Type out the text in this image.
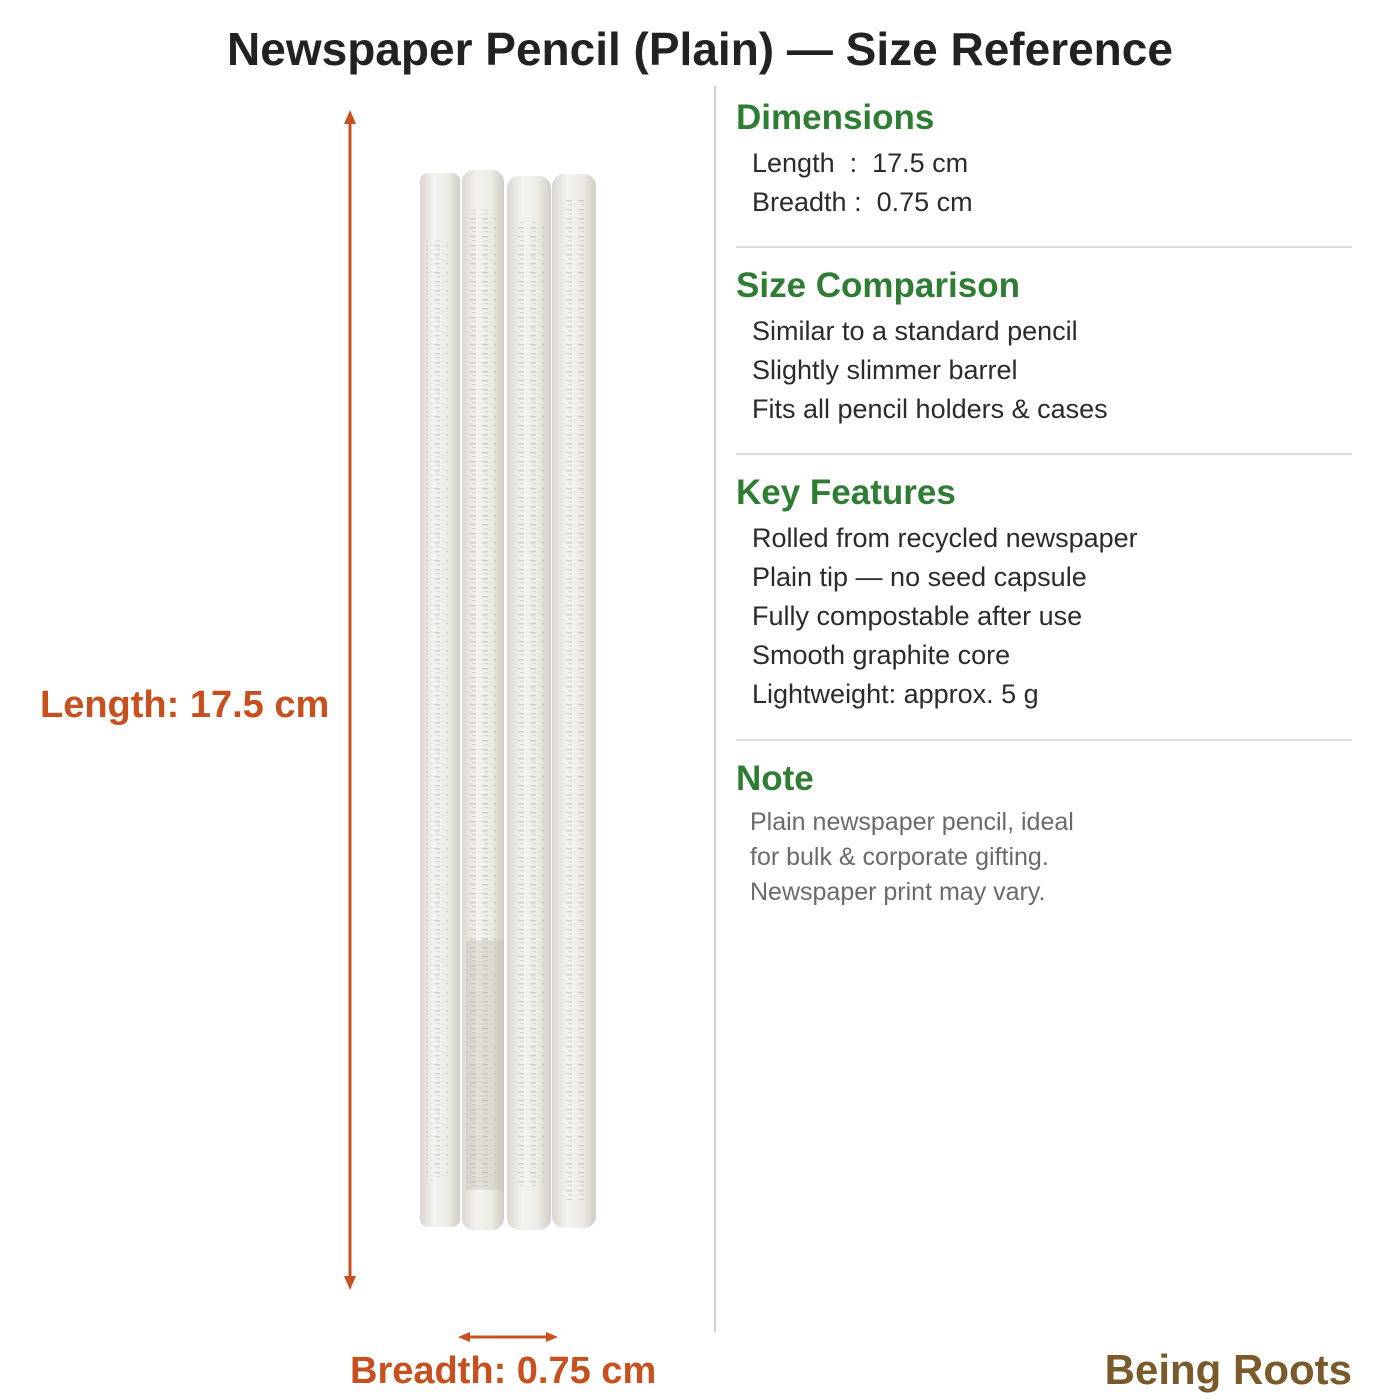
Newspaper Pencil (Plain) — Size Reference
Length: 17.5 cm
Breadth: 0.75 cm
Dimensions
Length  :  17.5 cm
Breadth :  0.75 cm
Size Comparison
Similar to a standard pencil
Slightly slimmer barrel
Fits all pencil holders & cases
Key Features
Rolled from recycled newspaper
Plain tip — no seed capsule
Fully compostable after use
Smooth graphite core
Lightweight: approx. 5 g
Note
Plain newspaper pencil, ideal
for bulk & corporate gifting.
Newspaper print may vary.
Being Roots
